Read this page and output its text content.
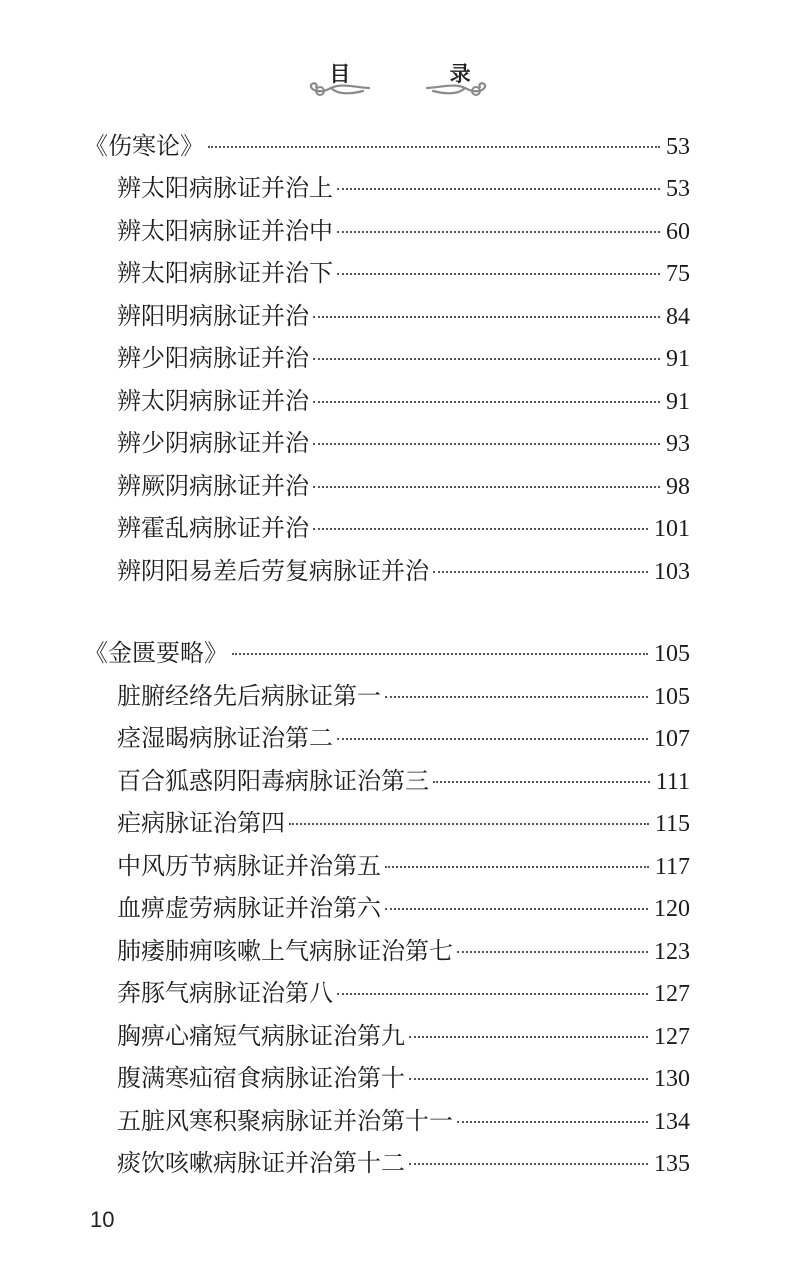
目 录
《伤寒论》	53
辨太阳病脉证并治上	53
辨太阳病脉证并治中	60
辨太阳病脉证并治下	75
辨阳明病脉证并治	84
辨少阳病脉证并治	91
辨太阴病脉证并治	91
辨少阴病脉证并治	93
辨厥阴病脉证并治	98
辨霍乱病脉证并治	101
辨阴阳易差后劳复病脉证并治	103
《金匮要略》	105
脏腑经络先后病脉证第一	105
痉湿暍病脉证治第二	107
百合狐惑阴阳毒病脉证治第三	111
疟病脉证治第四	115
中风历节病脉证并治第五	117
血痹虚劳病脉证并治第六	120
肺痿肺痈咳嗽上气病脉证治第七	123
奔豚气病脉证治第八	127
胸痹心痛短气病脉证治第九	127
腹满寒疝宿食病脉证治第十	130
五脏风寒积聚病脉证并治第十一	134
痰饮咳嗽病脉证并治第十二	135
10
